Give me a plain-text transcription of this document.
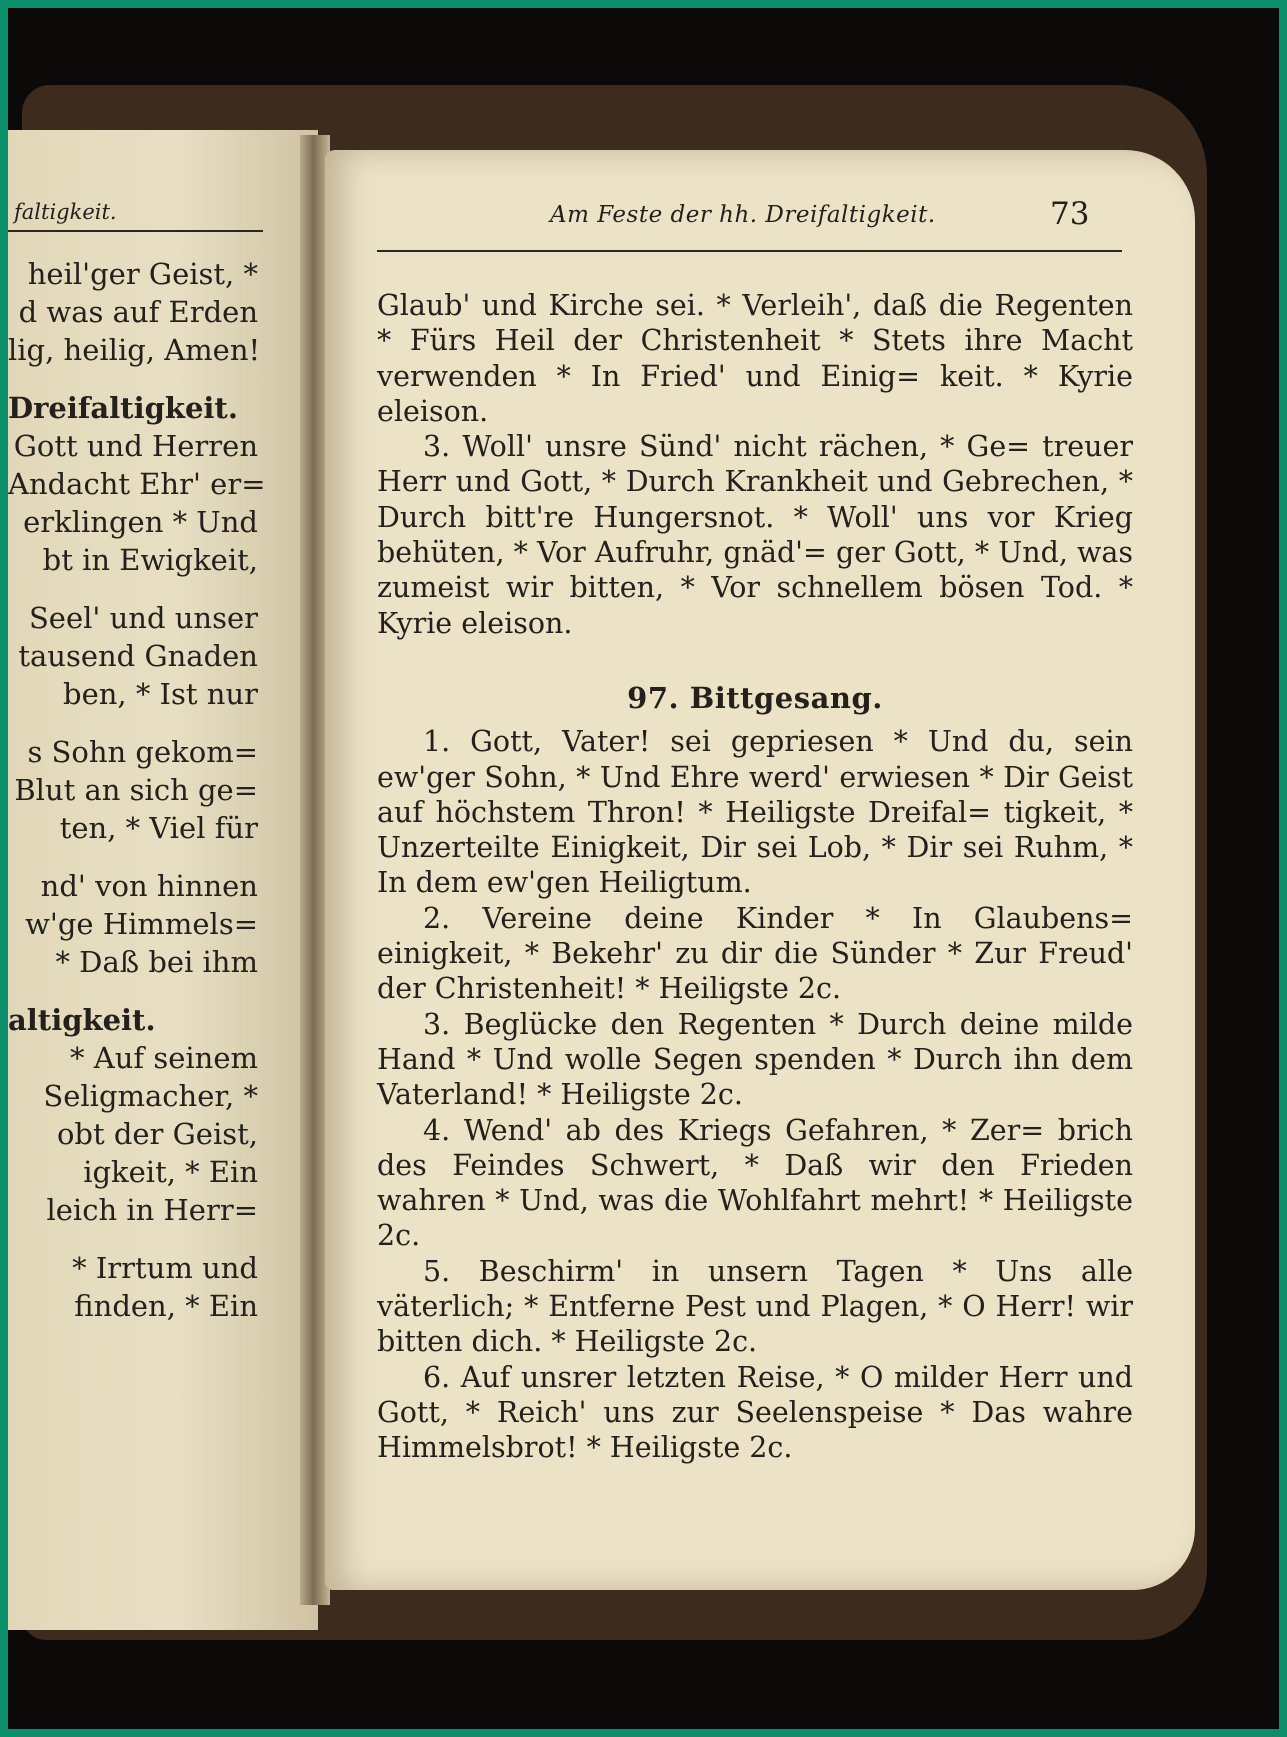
faltigkeit.
heil'ger Geist, *
d was auf Erden
lig, heilig, Amen!
Dreifaltigkeit.
Gott und Herren
Andacht Ehr' er=
erklingen * Und
bt in Ewigkeit,
Seel' und unser
tausend Gnaden
ben, * Ist nur
s Sohn gekom=
Blut an sich ge=
ten, * Viel für
nd' von hinnen
w'ge Himmels=
* Daß bei ihm
altigkeit.
* Auf seinem
Seligmacher, *
obt der Geist,
igkeit, * Ein
leich in Herr=
* Irrtum und
finden, * Ein
Am Feste der hh. Dreifaltigkeit.	73

Glaub' und Kirche sei. * Verleih', daß die Regenten * Fürs Heil der Christenheit * Stets ihre Macht verwenden * In Fried' und Einig= keit. * Kyrie eleison.

3. Woll' unsre Sünd' nicht rächen, * Ge= treuer Herr und Gott, * Durch Krankheit und Gebrechen, * Durch bitt're Hungersnot. * Woll' uns vor Krieg behüten, * Vor Aufruhr, gnäd'= ger Gott, * Und, was zumeist wir bitten, * Vor schnellem bösen Tod. * Kyrie eleison.

97. Bittgesang.

1. Gott, Vater! sei gepriesen * Und du, sein ew'ger Sohn, * Und Ehre werd' erwiesen * Dir Geist auf höchstem Thron! * Heiligste Dreifal= tigkeit, * Unzerteilte Einigkeit, Dir sei Lob, * Dir sei Ruhm, * In dem ew'gen Heiligtum.

2. Vereine deine Kinder * In Glaubens= einigkeit, * Bekehr' zu dir die Sünder * Zur Freud' der Christenheit! * Heiligste 2c.

3. Beglücke den Regenten * Durch deine milde Hand * Und wolle Segen spenden * Durch ihn dem Vaterland! * Heiligste 2c.

4. Wend' ab des Kriegs Gefahren, * Zer= brich des Feindes Schwert, * Daß wir den Frieden wahren * Und, was die Wohlfahrt mehrt! * Heiligste 2c.

5. Beschirm' in unsern Tagen * Uns alle väterlich; * Entferne Pest und Plagen, * O Herr! wir bitten dich. * Heiligste 2c.

6. Auf unsrer letzten Reise, * O milder Herr und Gott, * Reich' uns zur Seelenspeise * Das wahre Himmelsbrot! * Heiligste 2c.
